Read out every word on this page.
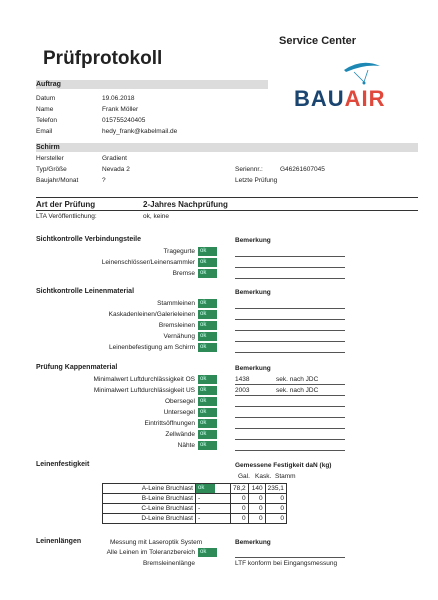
Service Center
Prüfprotokoll
BAUAIR
Auftrag
Datum	19.06.2018
Name	Frank Möller
Telefon	015755240405
Email	hedy_frank@kabelmail.de
Schirm
Hersteller	Gradient
Typ/Größe	Nevada 2
Baujahr/Monat	?
Seriennr.:	G46261607045
Letzte Prüfung
Art der Prüfung	2-Jahres Nachprüfung
LTA Veröffentlichung:	ok, keine
Sichtkontrolle Verbindungsteile	Bemerkung
Tragegurte ok
Leinenschlösser/Leinensammler ok
Bremse ok
Sichtkontrolle Leinenmaterial	Bemerkung
Stammleinen ok
Kaskadenleinen/Galerieleinen ok
Bremsleinen ok
Vernähung ok
Leinenbefestigung am Schirm ok
Prüfung Kappenmaterial	Bemerkung
Minimalwert Luftdurchlässigkeit OS ok	1438	sek. nach JDC
Minimalwert Luftdurchlässigkeit US ok	2003	sek. nach JDC
Obersegel ok
Untersegel ok
Eintrittsöffnungen ok
Zellwände ok
Nähte ok
Leinenfestigkeit	Gemessene Festigkeit daN (kg)
Gal. Kask. Stamm
A-Leine Bruchlast	ok	78,2	140	235,1
B-Leine Bruchlast	-	0	0	0
C-Leine Bruchlast	-	0	0	0
D-Leine Bruchlast	-	0	0	0
Leinenlängen	Messung mit Laseroptik System	Bemerkung
Alle Leinen im Toleranzbereich ok
Bremsleinenlänge	LTF konform bei Eingangsmessung
